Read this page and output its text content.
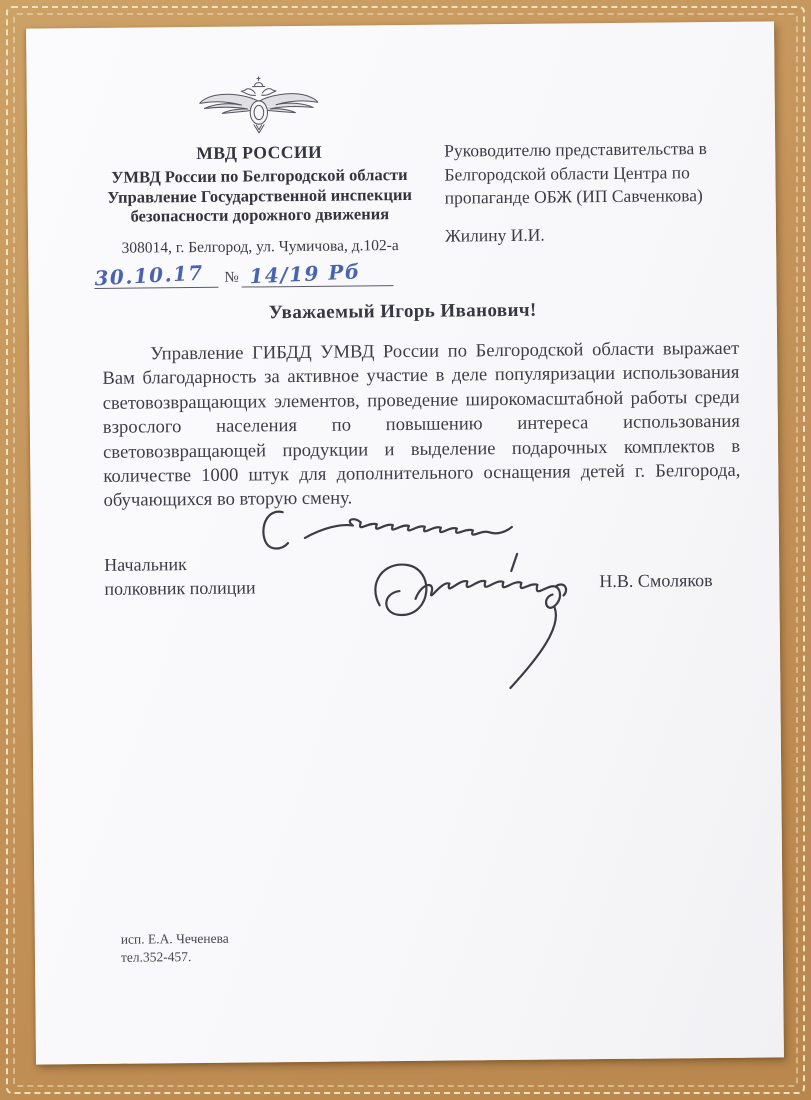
МВД РОССИИ
УМВД России по Белгородской области
Управление Государственной инспекции
безопасности дорожного движения
308014, г. Белгород, ул. Чумичова, д.102-а
30.10.17 № 14/19 Рб
Руководителю представительства в
Белгородской области Центра по
пропаганде ОБЖ (ИП Савченкова)
Жилину И.И.
Уважаемый Игорь Иванович!
Управление ГИБДД УМВД России по Белгородской области выражает Вам благодарность за активное участие в деле популяризации использования световозвращающих элементов, проведение широкомасштабной работы среди взрослого населения по повышению интереса использования световозвращающей продукции и выделение подарочных комплектов в количестве 1000 штук для дополнительного оснащения детей г. Белгорода, обучающихся во вторую смену.
Начальник
полковник полиции	Н.В. Смоляков
исп. Е.А. Чеченева
тел.352-457.
